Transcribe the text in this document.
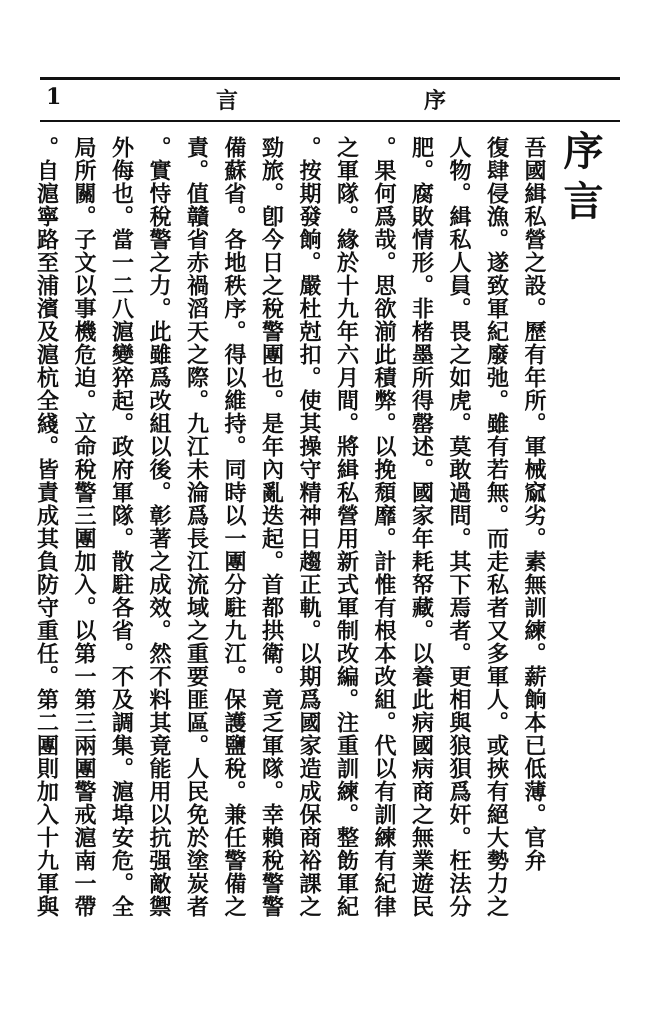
1	言	序
序言
吾國緝私營之設。歷有年所。軍械窳劣。素無訓練。薪餉本已低薄。官弁
復肆侵漁。遂致軍紀廢弛。雖有若無。而走私者又多軍人。或挾有絕大勢力之
人物。緝私人員。畏之如虎。莫敢過問。其下焉者。更相與狼狽爲奸。枉法分
肥。腐敗情形。非楮墨所得罄述。國家年耗帑藏。以養此病國病商之無業遊民
。果何爲哉。思欲湔此積弊。以挽頹靡。計惟有根本改組。代以有訓練有紀律
之軍隊。緣於十九年六月間。將緝私營用新式軍制改編。注重訓練。整飭軍紀
。按期發餉。嚴杜尅扣。使其操守精神日趨正軌。以期爲國家造成保商裕課之
勁旅。卽今日之稅警團也。是年內亂迭起。首都拱衛。竟乏軍隊。幸賴稅警警
備蘇省。各地秩序。得以維持。同時以一團分駐九江。保護鹽稅。兼任警備之
責。值贛省赤禍滔天之際。九江未淪爲長江流域之重要匪區。人民免於塗炭者
。實恃稅警之力。此雖爲改組以後。彰著之成效。然不料其竟能用以抗强敵禦
外侮也。當一二八滬變猝起。政府軍隊。散駐各省。不及調集。滬埠安危。全
局所關。子文以事機危迫。立命稅警三團加入。以第一第三兩團警戒滬南一帶
。自滬寧路至浦濱及滬杭全綫。皆責成其負防守重任。第二團則加入十九軍與
